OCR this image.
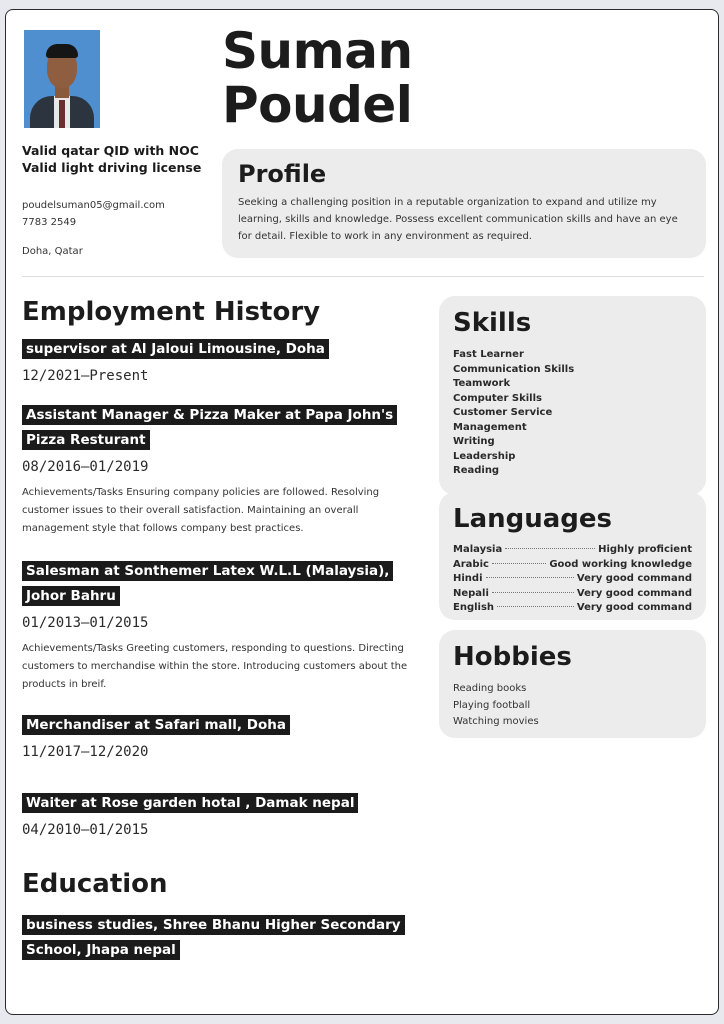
Valid qatar QID with NOC Valid light driving license
poudelsuman05@gmail.com
7783 2549
Doha, Qatar
Suman
Poudel
Profile

Seeking a challenging position in a reputable organization to expand and utilize my learning, skills and knowledge. Possess excellent communication skills and have an eye for detail. Flexible to work in any environment as required.

Employment History
supervisor at Al Jaloui Limousine, Doha
12/2021—Present
Assistant Manager & Pizza Maker at Papa John's Pizza Resturant
08/2016—01/2019
Achievements/Tasks Ensuring company policies are followed. Resolving customer issues to their overall satisfaction. Maintaining an overall management style that follows company best practices.
Salesman at Sonthemer Latex W.L.L (Malaysia), Johor Bahru
01/2013—01/2015
Achievements/Tasks Greeting customers, responding to questions. Directing customers to merchandise within the store. Introducing customers about the products in breif.
Merchandiser at Safari mall, Doha
11/2017—12/2020
Waiter at Rose garden hotal , Damak nepal
04/2010—01/2015
Education
business studies, Shree Bhanu Higher Secondary School, Jhapa nepal
Skills
Fast Learner
Communication Skills
Teamwork
Computer Skills
Customer Service
Management
Writing
Leadership
Reading
Languages
Malaysia	Highly proficient
Arabic	Good working knowledge
Hindi	Very good command
Nepali	Very good command
English	Very good command
Hobbies
Reading books
Playing football
Watching movies
